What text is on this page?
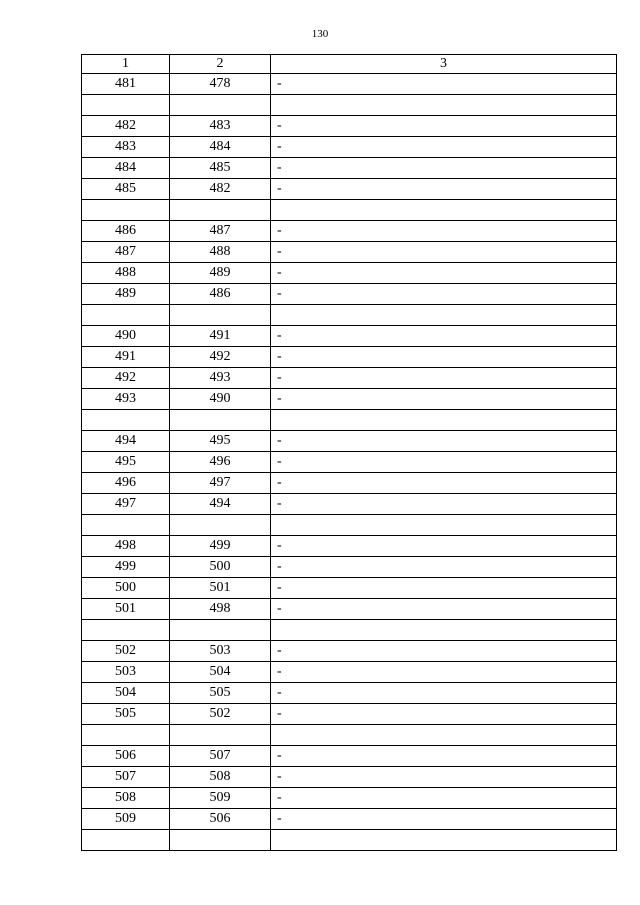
130
1	2	3
481	478	-

482	483	-
483	484	-
484	485	-
485	482	-

486	487	-
487	488	-
488	489	-
489	486	-

490	491	-
491	492	-
492	493	-
493	490	-

494	495	-
495	496	-
496	497	-
497	494	-

498	499	-
499	500	-
500	501	-
501	498	-

502	503	-
503	504	-
504	505	-
505	502	-

506	507	-
507	508	-
508	509	-
509	506	-
